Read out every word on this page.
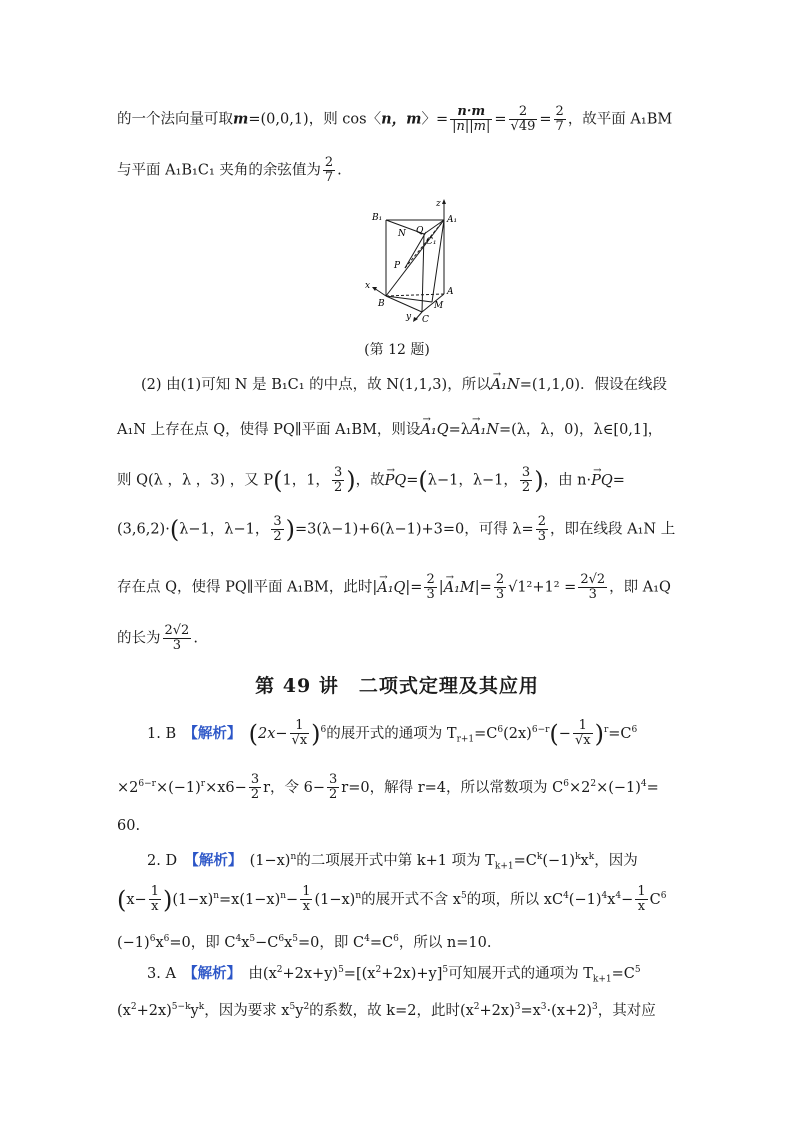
的一个法向量可取m=(0,0,1)，则 cos〈n，m〉= $\frac{n\cdot m}{|n||m|} = \frac{2}{√49} = \frac{2}{7}$ ，故平面 A₁BM
与平面 A₁B₁C₁ 夹角的余弦值为 $\frac{2}{7}$ .
B₁	A₁
C₁
N Q
P
z
x
y
A
B
C
M
(第 12 题)
(2) 由(1)可知 N 是 B₁C₁ 的中点，故 N(1,1,3)，所以→ A₁N=(1,1,0)．假设在线段
A₁N 上存在点 Q，使得 PQ∥平面 A₁BM，则设→ A₁Q=λ→ A₁N=(λ，λ，0)，λ∈[0,1]，
则 Q(λ ，λ ，3) ，又 P(1，1， $\frac{3}{2}$ )，故→ PQ=(λ−1，λ−1， $\frac{3}{2}$ )，由 n·→ PQ=
(3,6,2)·(λ−1，λ−1， $\frac{3}{2} )=3(\lambda-1)+6(\lambda-1)+3=0$，可得 $\lambda= \frac{2}{3}$ ，即在线段 A₁N 上
存在点 Q，使得 PQ∥平面 A₁BM，此时|→ $A_1Q|= \frac{2}{3}$ |→ $A_1M|= \frac{2}{3} √1^2+1^2 = \frac{2√2}{3}$ ，即 A₁Q
的长为 $\frac{2√2}{3}$ .
第 49 讲　二项式定理及其应用
1. B　 【解析】　 $(2x- \frac{1}{√x} )^6$的展开式的通项为 $T_{r+1}=C^6(2x)^{6-r}(- \frac{1}{√x} )^r=C^6$
$\times 2^{6-r}\times(-1)^r\times x6- \frac{3}{2}$ r，令 $6- \frac{3}{2} r=0$，解得 r=4，所以常数项为 $C^6\times 2^2\times(-1)^4=$
60.
2. D　 【解析】　 $(1-x)^n$的二项展开式中第 k+1 项为 $T_{k+1}=C^k(-1)^kx^k$，因为
$(x- \frac{1}{x} )(1-x)^n=x(1-x)^n- \frac{1}{x} (1-x)^n$的展开式不含 $x^5$的项，所以 $xC^4(-1)^4x^4- \frac{1}{x} C^6$
$(-1)^6x^6=0$，即 $C^4x^5-C^6x^5=0$，即 $C^4=C^6$，所以 n=10.
3. A　 【解析】　 由$(x^2+2x+y)^5=[(x^2+2x)+y]^5$可知展开式的通项为 $T_{k+1}=C^5$
$(x^2+2x)^{5-k}y^k$，因为要求 $x^5y^2$的系数，故 k=2，此时$(x^2+2x)^3=x^3\cdot(x+2)^3$，其对应
